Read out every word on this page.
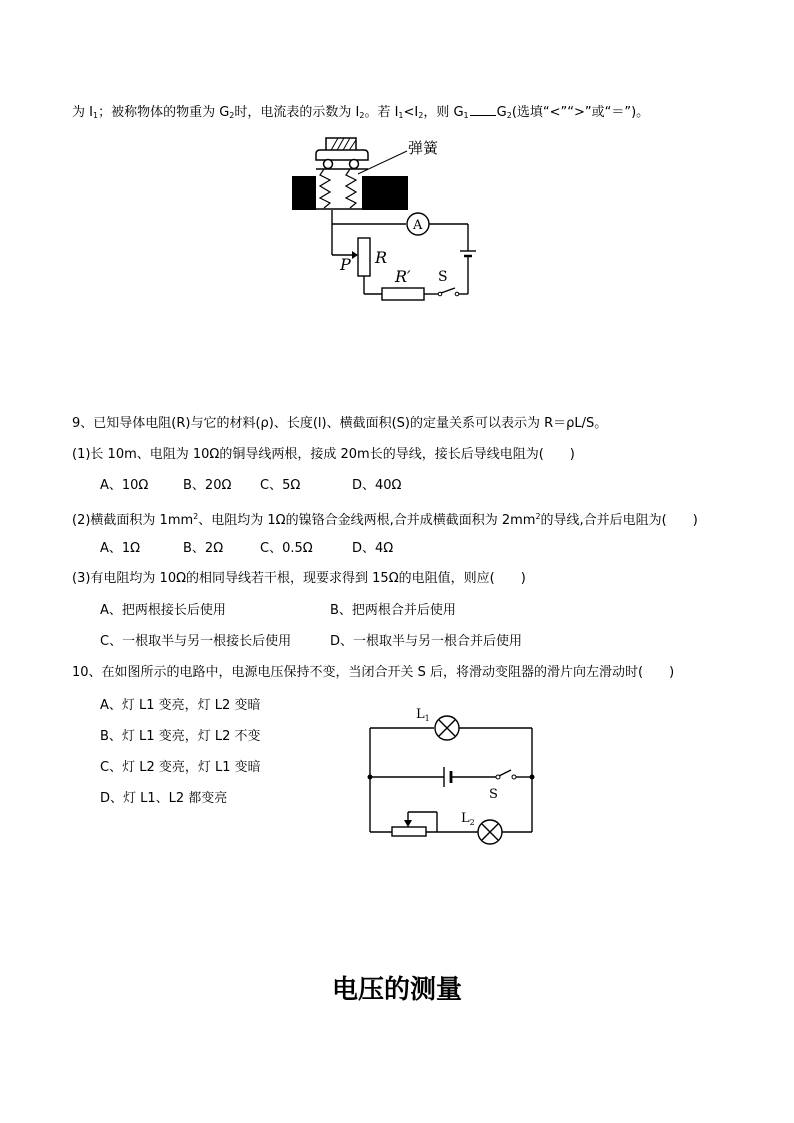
为 $I_1$；被称物体的物重为 $G_2$时，电流表的示数为 $I_2$。若 $I_1<I_2$，则 $G_1$ $G_2$(选填“<”“>”或“＝”)。
弹簧
A
P R
R′ S
9、已知导体电阻(R)与它的材料(ρ)、长度(l)、横截面积(S)的定量关系可以表示为 R＝ρL/S。
(1)长 10m、电阻为 10Ω的铜导线两根，接成 20m长的导线，接长后导线电阻为(　　)
A、10Ω	B、20Ω C、5Ω	D、40Ω
(2)横截面积为 $1mm^2$、电阻均为 1Ω的镍铬合金线两根,合并成横截面积为 $2mm^2$的导线,合并后电阻为(　　)
A、1Ω	B、2Ω	C、0.5Ω	D、4Ω
(3)有电阻均为 10Ω的相同导线若干根，现要求得到 15Ω的电阻值，则应(　　)
A、把两根接长后使用	B、把两根合并后使用
C、一根取半与另一根接长后使用	D、一根取半与另一根合并后使用
10、在如图所示的电路中，电源电压保持不变，当闭合开关 S 后，将滑动变阻器的滑片向左滑动时(　　)
A、灯 L1 变亮，灯 L2 变暗
B、灯 L1 变亮，灯 L2 不变
C、灯 L2 变亮，灯 L1 变暗
D、灯 L1、L2 都变亮
$L_1$
S
$L_2$
电压的测量
